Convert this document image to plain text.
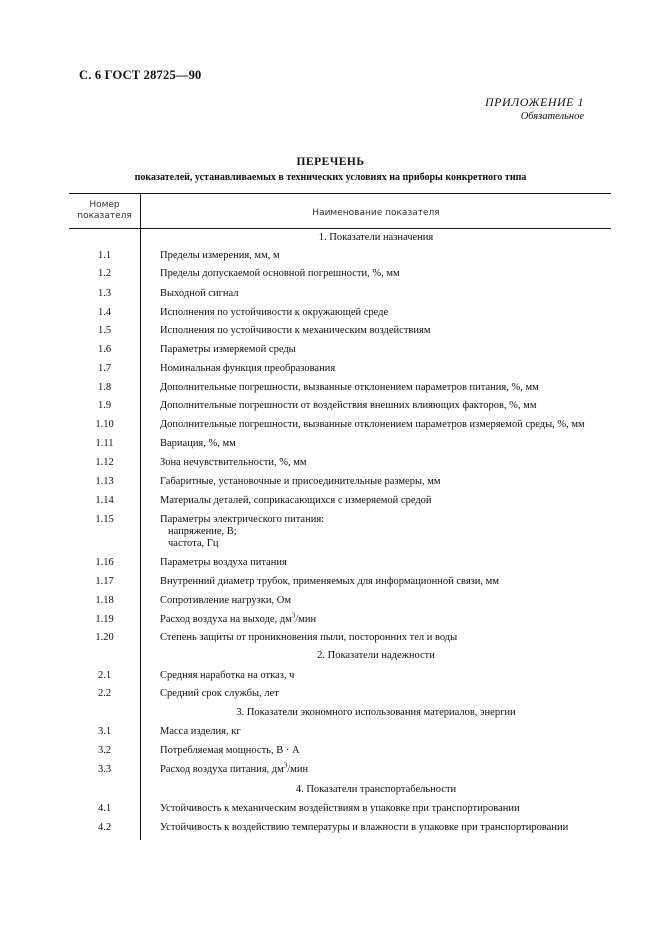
С. 6 ГОСТ 28725—90
ПРИЛОЖЕНИЕ 1
Обязательное
ПЕРЕЧЕНЬ
показателей, устанавливаемых в технических условиях на приборы конкретного типа
Номер показателя	Наименование показателя
1. Показатели назначения
1.1	Пределы измерения, мм, м
1.2	Пределы допускаемой основной погрешности, %, мм
1.3	Выходной сигнал
1.4	Исполнения по устойчивости к окружающей среде
1.5	Исполнения по устойчивости к механическим воздействиям
1.6	Параметры измеряемой среды
1.7	Номинальная функция преобразования
1.8	Дополнительные погрешности, вызванные отклонением параметров питания, %, мм
1.9	Дополнительные погрешности от воздействия внешних влияющих факторов, %, мм
1.10	Дополнительные погрешности, вызванные отклонением параметров измеряемой среды, %, мм
1.11	Вариация, %, мм
1.12	Зона нечувствительности, %, мм
1.13	Габаритные, установочные и присоединительные размеры, мм
1.14	Материалы деталей, соприкасающихся с измеряемой средой
1.15	Параметры электрического питания:
напряжение, В;
частота, Гц
1.16	Параметры воздуха питания
1.17	Внутренний диаметр трубок, применяемых для информационной связи, мм
1.18	Сопротивление нагрузки, Ом
1.19	Расход воздуха на выходе, $дм^3$/мин
1.20	Степень защиты от проникновения пыли, посторонних тел и воды
2. Показатели надежности
2.1	Средняя наработка на отказ, ч
2.2	Средний срок службы, лет
3. Показатели экономного использования материалов, энергии
3.1	Масса изделия, кг
3.2	Потребляемая мощность, В · А
3.3	Расход воздуха питания, $дм^3$/мин
4. Показатели транспортабельности
4.1	Устойчивость к механическим воздействиям в упаковке при транспортировании
4.2	Устойчивость к воздействию температуры и влажности в упаковке при транспортировании
